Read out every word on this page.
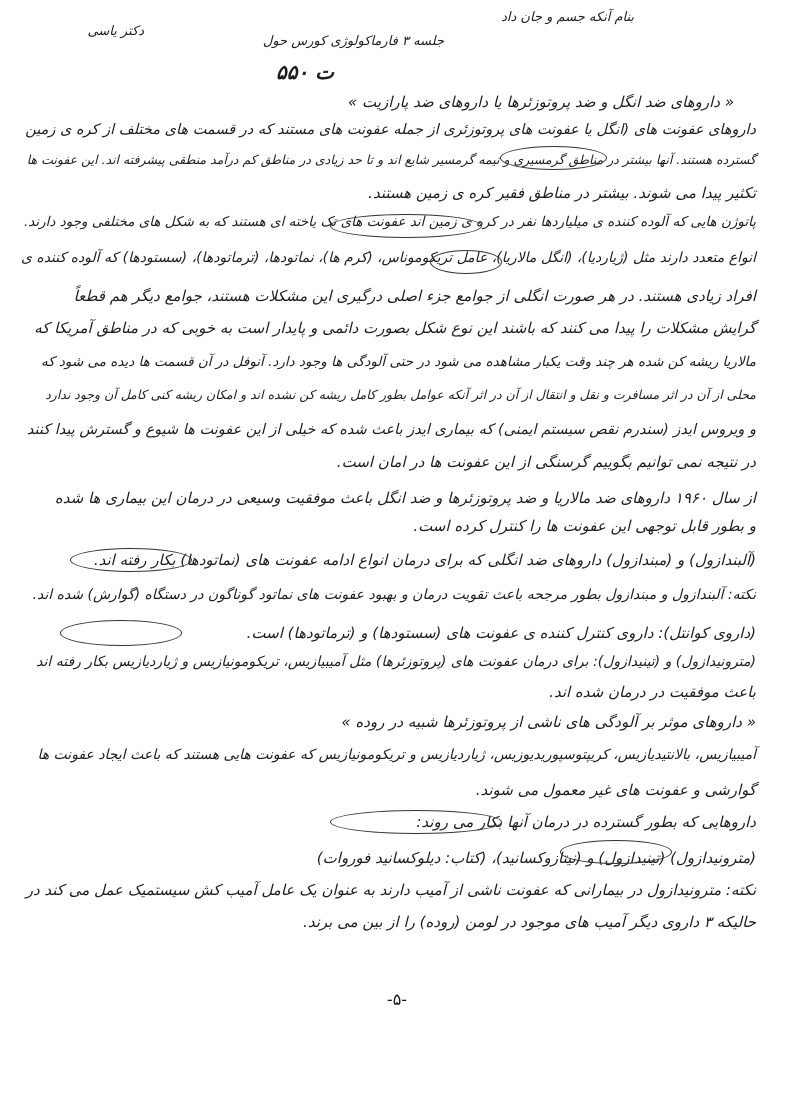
بنام آنکه جسم و جان داد
دکتر یاسی
جلسه ۳ فارماکولوژی کورس حول
ت ۵۵۰
« داروهای ضد انگل و ضد پروتوزئرها یا داروهای ضد پارازیت »
داروهای عفونت های (انگل یا عفونت های پروتوزئری از جمله عفونت های مستند که در قسمت های مختلف از کره ی زمین
گسترده هستند. آنها بیشتر در مناطق گرمسیری و نیمه گرمسیر شایع اند و تا حد زیادی در مناطق کم درآمد منطقی پیشرفته اند. این عفونت ها
تکثیر پیدا می شوند. بیشتر در مناطق فقیر کره ی زمین هستند.
پاتوژن هایی که آلوده کننده ی میلیاردها نفر در کره ی زمین اند عفونت های تک یاخته ای هستند که به شکل های مختلفی وجود دارند.
انواع متعدد دارند مثل (ژیاردیا)، (انگل مالاریا)، عامل تریکوموناس، (کرم ها)، نماتودها، (ترماتودها)، (سستودها) که آلوده کننده ی
افراد زیادی هستند. در هر صورت انگلی از جوامع جزء اصلی درگیری این مشکلات هستند، جوامع دیگر هم قطعاً
گرایش مشکلات را پیدا می کنند که باشند این نوع شکل بصورت دائمی و پایدار است به خوبی که در مناطق آمریکا که
مالاریا ریشه کن شده هر چند وقت یکبار مشاهده می شود در حتی آلودگی ها وجود دارد. آنوفل در آن قسمت ها دیده می شود که
محلی از آن در اثر مسافرت و نقل و انتقال از آن در اثر آنکه عوامل بطور کامل ریشه کن نشده اند و امکان ریشه کنی کامل آن وجود ندارد
و ویروس ایدز (سندرم نقص سیستم ایمنی) که بیماری ایدز باعث شده که خیلی از این عفونت ها شیوع و گسترش پیدا کنند
در نتیجه نمی توانیم بگوییم گرسنگی از این عفونت ها در امان است.
از سال ۱۹۶۰ داروهای ضد مالاریا و ضد پروتوزئرها و ضد انگل باعث موفقیت وسیعی در درمان این بیماری ها شده
و بطور قابل توجهی این عفونت ها را کنترل کرده است.
(آلبندازول) و (مبندازول) داروهای ضد انگلی که برای درمان انواع ادامه عفونت های (نماتودها) بکار رفته اند.
نکته: آلبندازول و مبندازول بطور مرجحه باعث تقویت درمان و بهبود عفونت های نماتود گوناگون در دستگاه (گوارش) شده اند.
(داروی کوانتل): داروی کنترل کننده ی عفونت های (سستودها) و (ترماتودها) است.
(مترونیدازول) و (تینیدازول): برای درمان عفونت های (پروتوزئرها) مثل آمیبیازیس، تریکومونیازیس و ژیاردیازیس بکار رفته اند
باعث موفقیت در درمان شده اند.
« داروهای موثر بر آلودگی های ناشی از پروتوزئرها شبیه در روده »
آمیبیازیس، بالانتیدیازیس، کریپتوسپوریدیوزیس، ژیاردیازیس و تریکومونیازیس که عفونت هایی هستند که باعث ایجاد عفونت ها
گوارشی و عفونت های غیر معمول می شوند.
داروهایی که بطور گسترده در درمان آنها بکار می روند:
(مترونیدازول) (تینیدازول) و (نیتازوکسانید)، (کتاب: دیلوکسانید فوروات)
نکته: مترونیدازول در بیمارانی که عفونت ناشی از آمیب دارند به عنوان یک عامل آمیب کش سیستمیک عمل می کند در
حالیکه ۳ داروی دیگر آمیب های موجود در لومن (روده) را از بین می برند.
-۵-
